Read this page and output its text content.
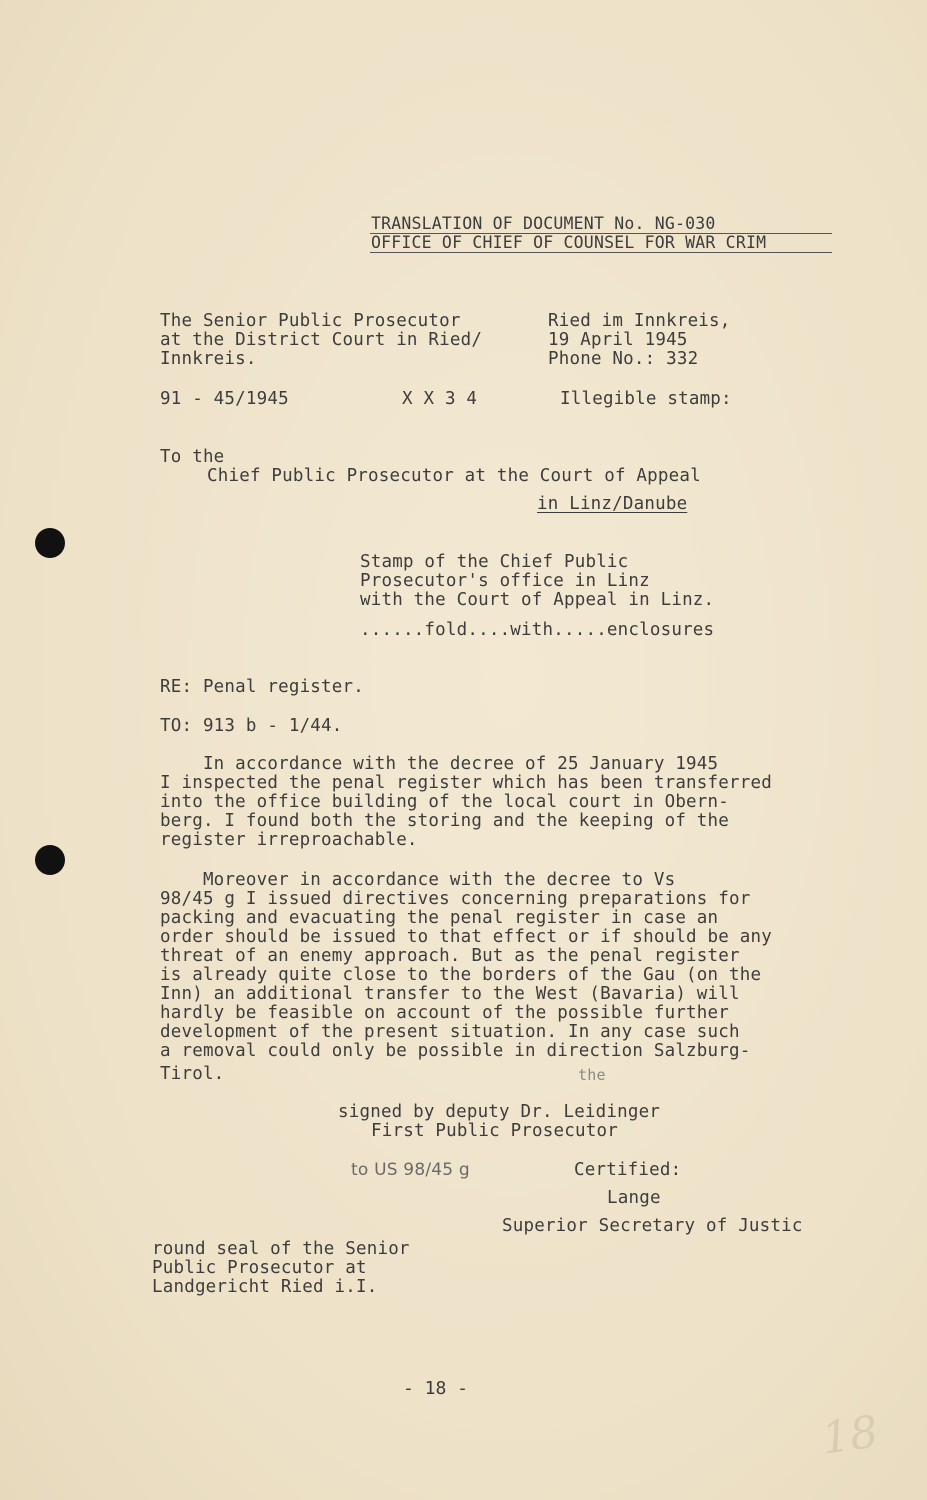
TRANSLATION OF DOCUMENT No. NG-030
OFFICE OF CHIEF OF COUNSEL FOR WAR CRIM
The Senior Public Prosecutor
at the District Court in Ried/
Innkreis.
Ried im Innkreis,
19 April 1945
Phone No.: 332
91 - 45/1945	X X 3 4	Illegible stamp:
To the
Chief Public Prosecutor at the Court of Appeal
in Linz/Danube
Stamp of the Chief Public
Prosecutor's office in Linz
with the Court of Appeal in Linz.
......fold....with.....enclosures
RE: Penal register.
TO: 913 b - 1/44.
In accordance with the decree of 25 January 1945
I inspected the penal register which has been transferred
into the office building of the local court in Obern-
berg. I found both the storing and the keeping of the
register irreproachable.
Moreover in accordance with the decree to Vs
98/45 g I issued directives concerning preparations for
packing and evacuating the penal register in case an
order should be issued to that effect or if should be any
threat of an enemy approach. But as the penal register
is already quite close to the borders of the Gau (on the
Inn) an additional transfer to the West (Bavaria) will
hardly be feasible on account of the possible further
development of the present situation. In any case such
a removal could only be possible in direction Salzburg-
Tirol.	the
signed by deputy Dr. Leidinger
First Public Prosecutor
to US 98/45 g	Certified:
Lange
Superior Secretary of Justic
round seal of the Senior
Public Prosecutor at
Landgericht Ried i.I.
- 18 -
18
